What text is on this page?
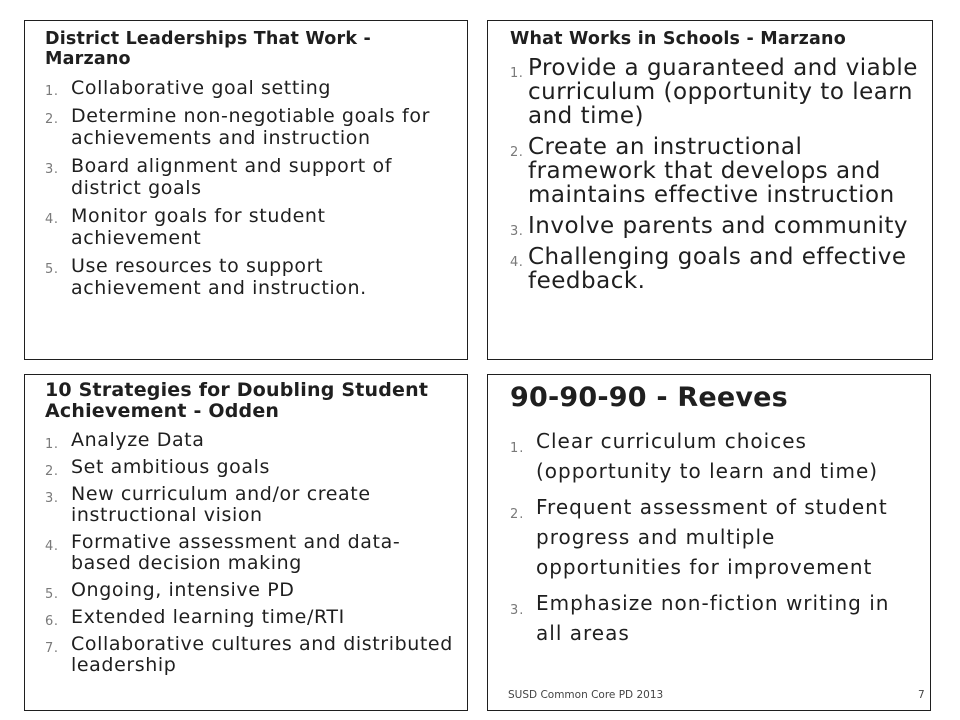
District Leaderships That Work - Marzano
1. Collaborative goal setting
2. Determine non-negotiable goals for achievements and instruction
3. Board alignment and support of district goals
4. Monitor goals for student achievement
5. Use resources to support achievement and instruction.
What Works in Schools - Marzano
1. Provide a guaranteed and viable curriculum (opportunity to learn and time)
2. Create an instructional framework that develops and maintains effective instruction
3. Involve parents and community
4. Challenging goals and effective feedback.
10 Strategies for Doubling Student Achievement - Odden
1. Analyze Data
2. Set ambitious goals
3. New curriculum and/or create instructional vision
4. Formative assessment and data-based decision making
5. Ongoing, intensive PD
6. Extended learning time/RTI
7. Collaborative cultures and distributed leadership
90-90-90 - Reeves
1. Clear curriculum choices (opportunity to learn and time)
2. Frequent assessment of student progress and multiple opportunities for improvement
3. Emphasize non-fiction writing in all areas
SUSD Common Core PD 2013	7
